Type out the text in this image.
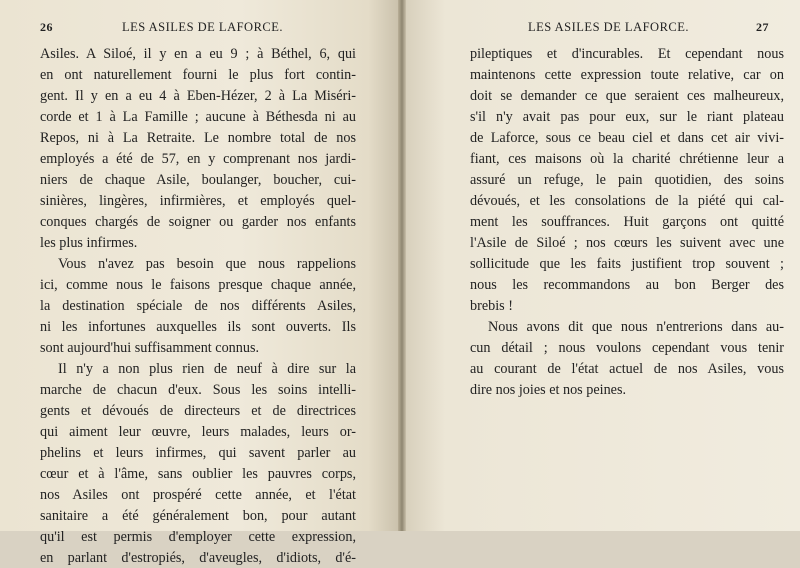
26	LES ASILES DE LAFORCE.
Asiles. A Siloé, il y en a eu 9 ; à Béthel, 6, qui
en ont naturellement fourni le plus fort contin-
gent. Il y en a eu 4 à Eben-Hézer, 2 à La Miséri-
corde et 1 à La Famille ; aucune à Béthesda ni au
Repos, ni à La Retraite. Le nombre total de nos
employés a été de 57, en y comprenant nos jardi-
niers de chaque Asile, boulanger, boucher, cui-
sinières, lingères, infirmières, et employés quel-
conques chargés de soigner ou garder nos enfants
les plus infirmes.
Vous n'avez pas besoin que nous rappelions
ici, comme nous le faisons presque chaque année,
la destination spéciale de nos différents Asiles,
ni les infortunes auxquelles ils sont ouverts. Ils
sont aujourd'hui suffisamment connus.
Il n'y a non plus rien de neuf à dire sur la
marche de chacun d'eux. Sous les soins intelli-
gents et dévoués de directeurs et de directrices
qui aiment leur œuvre, leurs malades, leurs or-
phelins et leurs infirmes, qui savent parler au
cœur et à l'âme, sans oublier les pauvres corps,
nos Asiles ont prospéré cette année, et l'état
sanitaire a été généralement bon, pour autant
qu'il est permis d'employer cette expression,
en parlant d'estropiés, d'aveugles, d'idiots, d'é-
LES ASILES DE LAFORCE.	27
pileptiques et d'incurables. Et cependant nous
maintenons cette expression toute relative, car on
doit se demander ce que seraient ces malheureux,
s'il n'y avait pas pour eux, sur le riant plateau
de Laforce, sous ce beau ciel et dans cet air vivi-
fiant, ces maisons où la charité chrétienne leur a
assuré un refuge, le pain quotidien, des soins
dévoués, et les consolations de la piété qui cal-
ment les souffrances. Huit garçons ont quitté
l'Asile de Siloé ; nos cœurs les suivent avec une
sollicitude que les faits justifient trop souvent ;
nous les recommandons au bon Berger des
brebis !
Nous avons dit que nous n'entrerions dans au-
cun détail ; nous voulons cependant vous tenir
au courant de l'état actuel de nos Asiles, vous
dire nos joies et nos peines.
